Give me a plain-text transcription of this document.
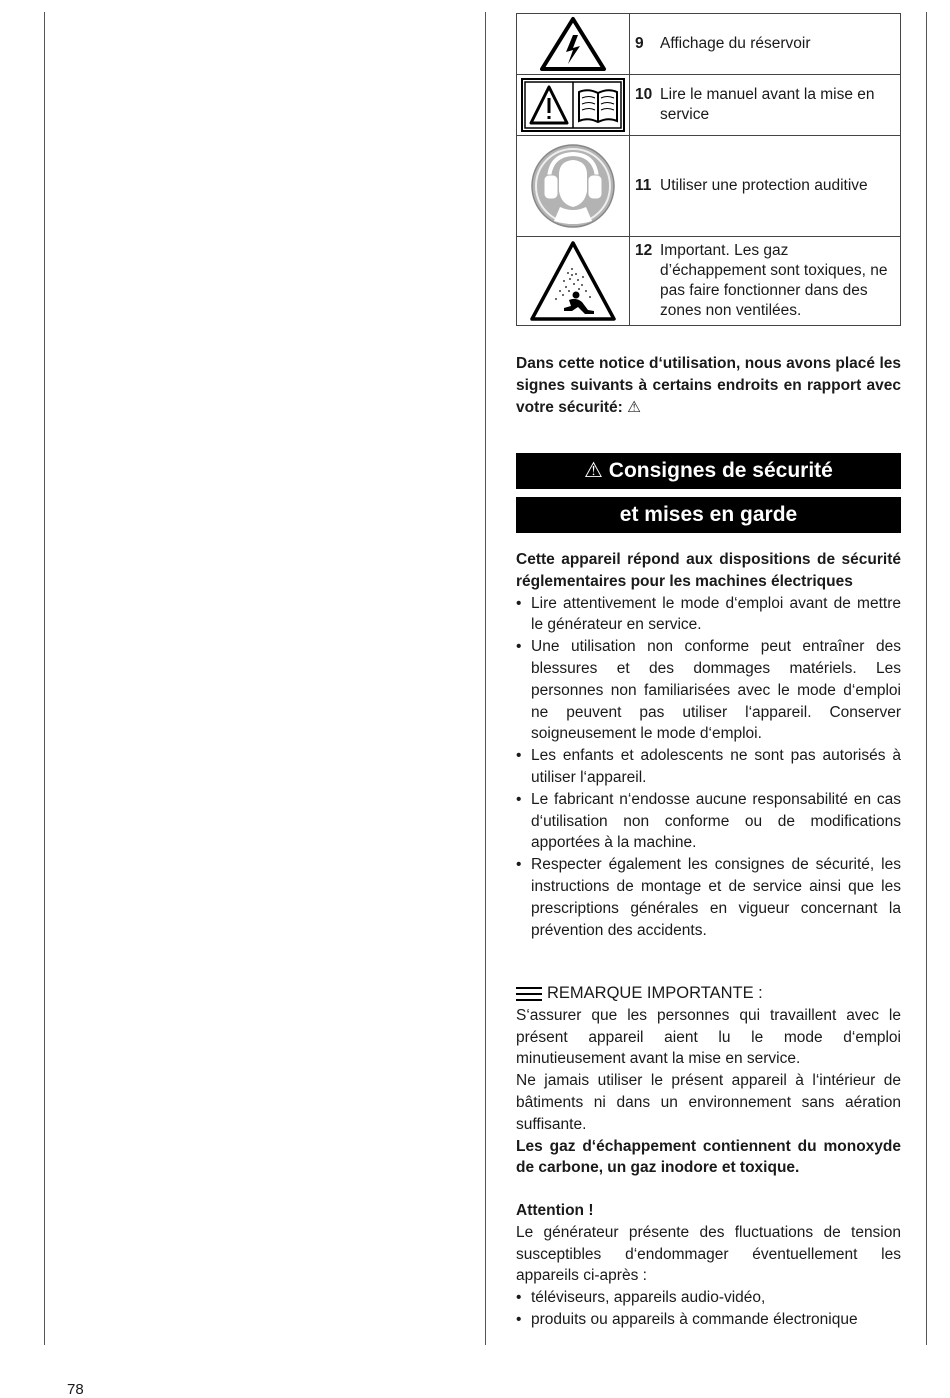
9 Affichage du réservoir

10 Lire le manuel avant la mise en service

11 Utiliser une protection auditive

12 Important. Les gaz d’échappement sont toxiques, ne pas faire fonctionner dans des zones non ventilées.

Dans cette notice d‘utilisation, nous avons placé les signes suivants à certains endroits en rapport avec votre sécurité: ⚠

⚠ Consignes de sécurité
et mises en garde
Cette appareil répond aux dispositions de sécurité réglementaires pour les machines électriques
• Lire attentivement le mode d‘emploi avant de mettre le générateur en service.
• Une utilisation non conforme peut entraîner des blessures et des dommages matériels. Les personnes non familiarisées avec le mode d‘emploi ne peuvent pas utiliser l‘appareil. Conserver soigneusement le mode d‘emploi.
• Les enfants et adolescents ne sont pas autorisés à utiliser l‘appareil.
• Le fabricant n‘endosse aucune responsabilité en cas d‘utilisation non conforme ou de modifications apportées à la machine.
• Respecter également les consignes de sécurité, les instructions de montage et de service ainsi que les prescriptions générales en vigueur concernant la prévention des accidents.
REMARQUE IMPORTANTE :
S‘assurer que les personnes qui travaillent avec le présent appareil aient lu le mode d‘emploi minutieusement avant la mise en service.
Ne jamais utiliser le présent appareil à l‘intérieur de bâtiments ni dans un environnement sans aération suffisante.
Les gaz d‘échappement contiennent du monoxyde de carbone, un gaz inodore et toxique.
Attention !
Le générateur présente des fluctuations de tension susceptibles d‘endommager éventuellement les appareils ci-après :
• téléviseurs, appareils audio-vidéo,
• produits ou appareils à commande électronique
78
